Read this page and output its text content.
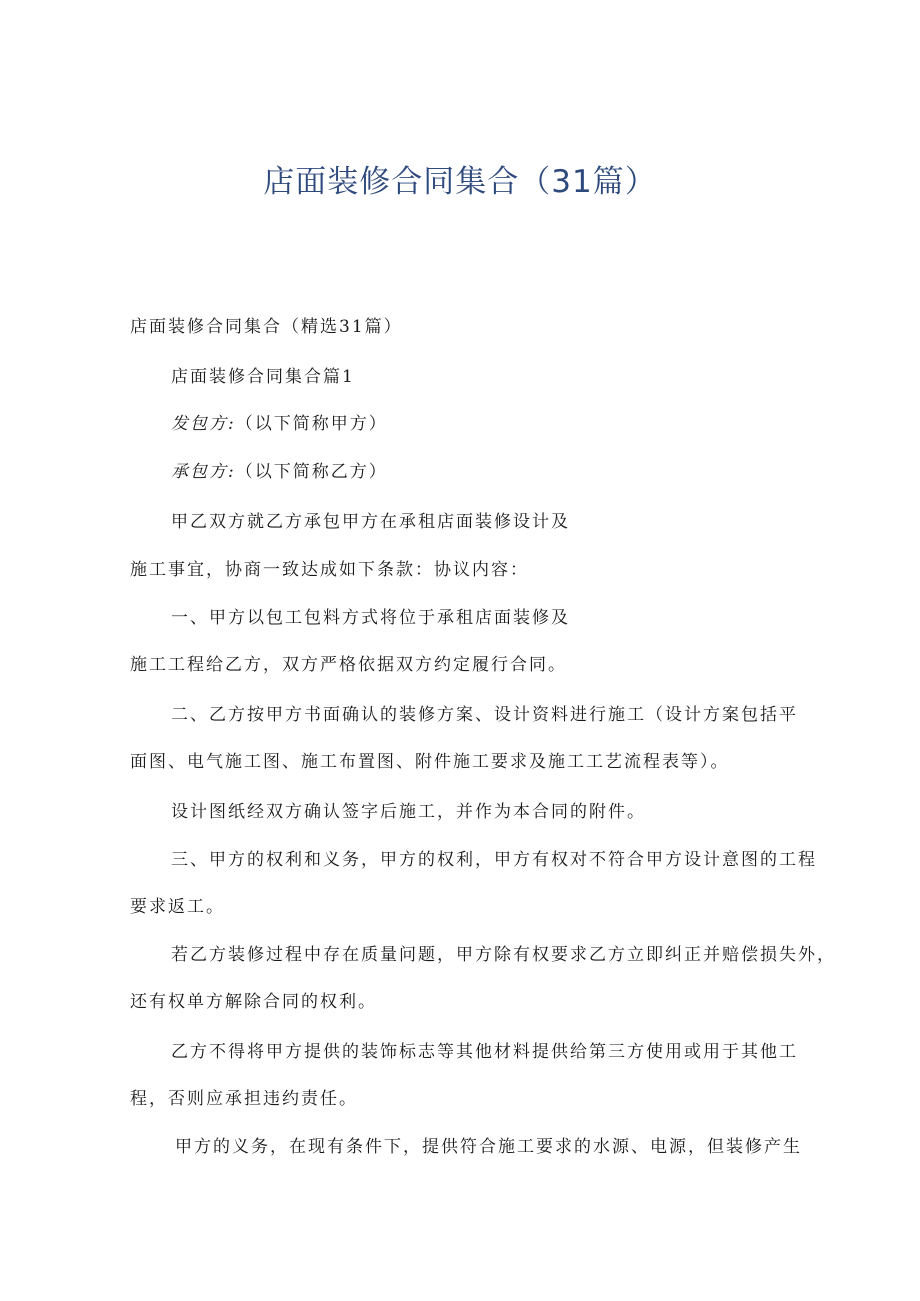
店面装修合同集合（31篇）
店面装修合同集合（精选31篇）
店面装修合同集合篇1
发包方:（以下简称甲方）
承包方:（以下简称乙方）
甲乙双方就乙方承包甲方在承租店面装修设计及
施工事宜，协商一致达成如下条款：协议内容：
一、甲方以包工包料方式将位于承租店面装修及
施工工程给乙方，双方严格依据双方约定履行合同。
二、乙方按甲方书面确认的装修方案、设计资料进行施工（设计方案包括平
面图、电气施工图、施工布置图、附件施工要求及施工工艺流程表等）。
设计图纸经双方确认签字后施工，并作为本合同的附件。
三、甲方的权利和义务，甲方的权利，甲方有权对不符合甲方设计意图的工程
要求返工。
若乙方装修过程中存在质量问题，甲方除有权要求乙方立即纠正并赔偿损失外，
还有权单方解除合同的权利。
乙方不得将甲方提供的装饰标志等其他材料提供给第三方使用或用于其他工
程，否则应承担违约责任。
甲方的义务，在现有条件下，提供符合施工要求的水源、电源，但装修产生
